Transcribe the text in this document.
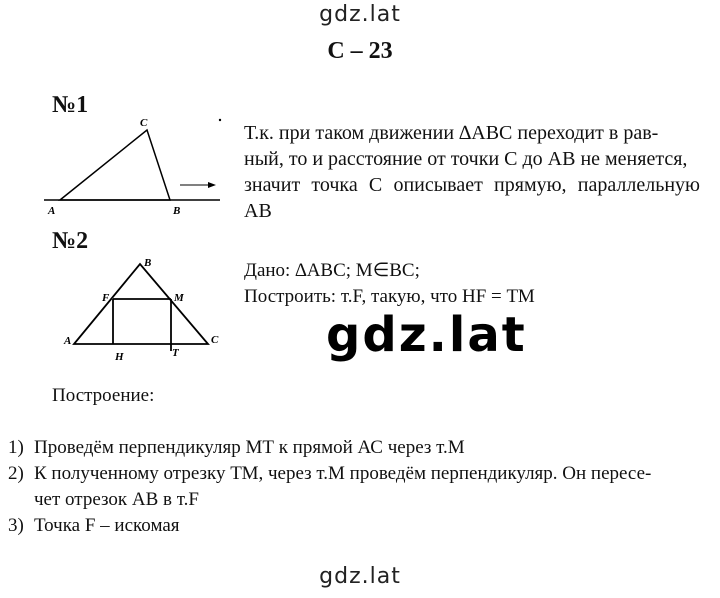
gdz.lat
С – 23
№1
A
C
B
Т.к. при таком движении ∆АВС переходит в рав-
ный, то и расстояние от точки С до АВ не меняется,
значит точка С описывает прямую, параллельную АВ
№2
A
B
C
F	M
H	T
Дано: ∆АВС; М∈ВС;
Построить: т.F, такую, что HF = ТМ
gdz.lat
Построение:
1) Проведём перпендикуляр МТ к прямой АС через т.М
2) К полученному отрезку ТМ, через т.М проведём перпендикуляр. Он пересе-
чет отрезок АВ в т.F
3) Точка F – искомая
gdz.lat
